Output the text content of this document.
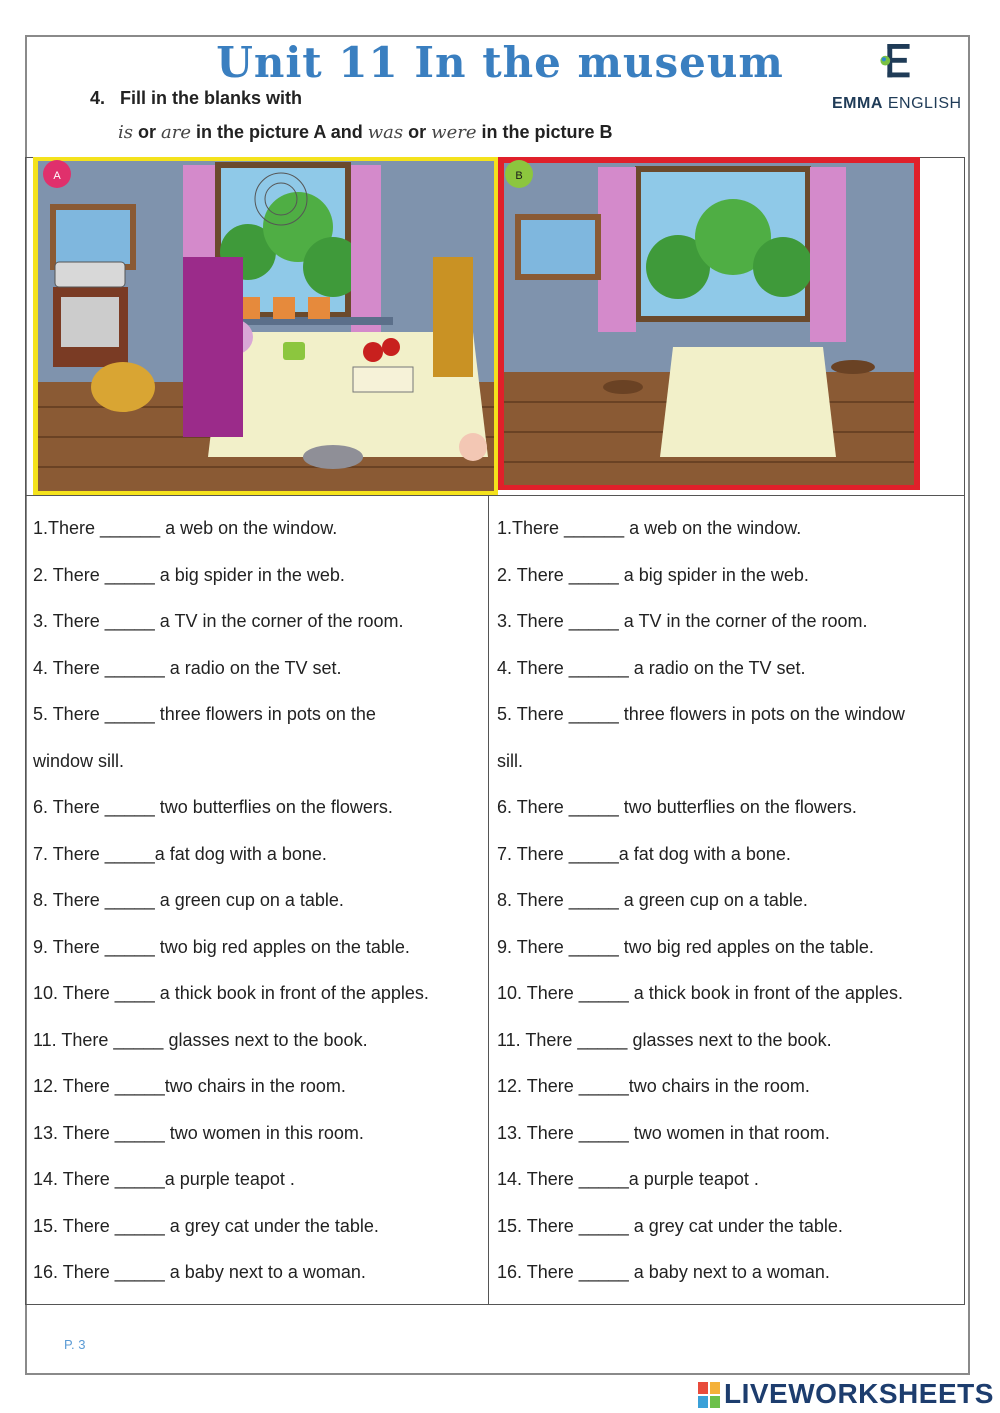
Unit 11 In the museum
4. Fill in the blanks with
is or are in the picture A and was or were in the picture B
EMMA ENGLISH
A	B
1.There ______ a web on the window.
2. There _____ a big spider in the web.
3. There _____ a TV in the corner of the room.
4. There ______ a radio on the TV set.
5. There _____ three flowers in pots on the
window sill.
6. There _____ two butterflies on the flowers.
7. There _____a fat dog with a bone.
8. There _____ a green cup on a table.
9. There _____ two big red apples on the table.
10. There ____ a thick book in front of the apples.
11. There _____ glasses next to the book.
12. There _____two chairs in the room.
13. There _____ two women in this room.
14. There _____a purple teapot .
15. There _____ a grey cat under the table.
16. There _____ a baby next to a woman.
1.There ______ a web on the window.
2. There _____ a big spider in the web.
3. There _____ a TV in the corner of the room.
4. There ______ a radio on the TV set.
5. There _____ three flowers in pots on the window
sill.
6. There _____ two butterflies on the flowers.
7. There _____a fat dog with a bone.
8. There _____ a green cup on a table.
9. There _____ two big red apples on the table.
10. There _____ a thick book in front of the apples.
11. There _____ glasses next to the book.
12. There _____two chairs in the room.
13. There _____ two women in that room.
14. There _____a purple teapot .
15. There _____ a grey cat under the table.
16. There _____ a baby next to a woman.
P. 3
LIVEWORKSHEETS
